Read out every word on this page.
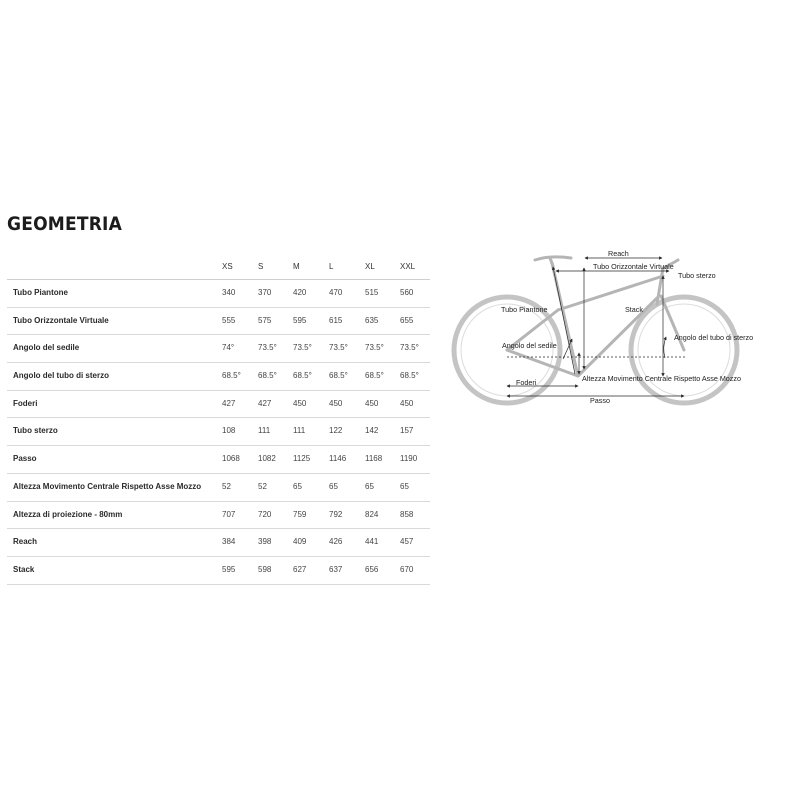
GEOMETRIA
XS	S	M	L	XL	XXL
Tubo Piantone	340	370	420	470	515	560
Tubo Orizzontale Virtuale	555	575	595	615	635	655
Angolo del sedile	74°	73.5° 73.5° 73.5° 73.5° 73.5°
Angolo del tubo di sterzo	68.5° 68.5° 68.5° 68.5° 68.5° 68.5°
Foderi	427	427	450	450	450	450
Tubo sterzo	108	111	111	122	142	157
Passo	1068 1082 1125 1146 1168 1190
Altezza Movimento Centrale Rispetto Asse Mozzo	52	52	65	65	65	65
Altezza di proiezione - 80mm	707	720	759	792	824	858
Reach	384	398	409	426	441	457
Stack	595	598	627	637	656	670
Reach
Tubo Orizzontale Virtuale
Tubo sterzo
Tubo Piantone	Stack
Angolo del sedile
Angolo del tubo di sterzo
Foderi	Altezza Movimento Centrale Rispetto Asse Mozzo
Passo
